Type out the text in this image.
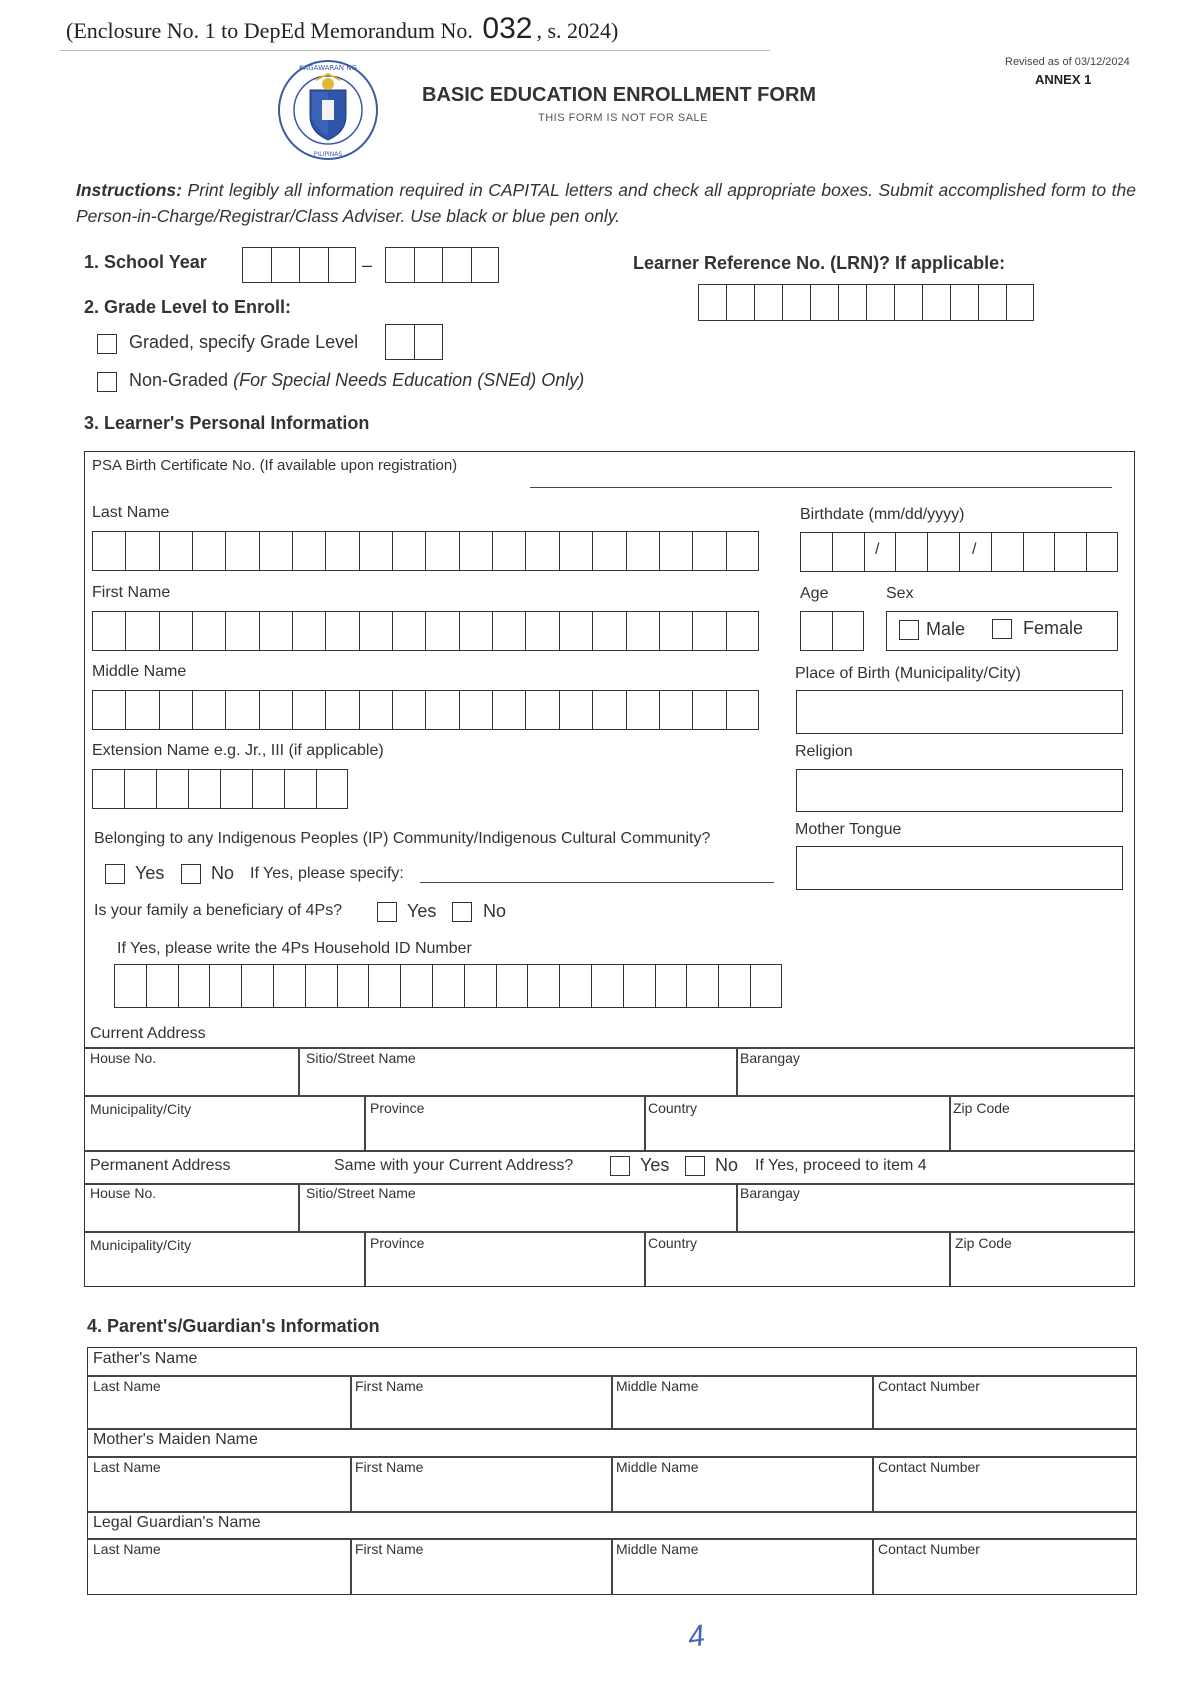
(Enclosure No. 1 to DepEd Memorandum No. 032 , s. 2024)
Revised as of 03/12/2024
ANNEX 1
KAGAWARAN NG
PILIPINAS
BASIC EDUCATION ENROLLMENT FORM
THIS FORM IS NOT FOR SALE
Instructions: Print legibly all information required in CAPITAL letters and check all appropriate boxes. Submit accomplished form to the Person-in-Charge/Registrar/Class Adviser. Use black or blue pen only.
1. School Year	–	Learner Reference No. (LRN)? If applicable:
2. Grade Level to Enroll:
Graded, specify Grade Level
Non-Graded (For Special Needs Education (SNEd) Only)
3. Learner's Personal Information
PSA Birth Certificate No. (If available upon registration)
Last Name
First Name
Middle Name
Extension Name e.g. Jr., III (if applicable)
Birthdate (mm/dd/yyyy)
/	/
Age	Sex
Male	Female
Place of Birth (Municipality/City)
Religion
Mother Tongue
Belonging to any Indigenous Peoples (IP) Community/Indigenous Cultural Community?
Yes	No If Yes, please specify:
Is your family a beneficiary of 4Ps?	Yes	No
If Yes, please write the 4Ps Household ID Number
Current Address
House No.	Sitio/Street Name	Barangay
Municipality/City	Province	Country	Zip Code
Permanent Address	Same with your Current Address?	Yes	No If Yes, proceed to item 4
House No.	Sitio/Street Name	Barangay
Municipality/City	Province	Country	Zip Code
4. Parent's/Guardian's Information
Father's Name
Last Name	First Name	Middle Name	Contact Number
Mother's Maiden Name
Last Name	First Name	Middle Name	Contact Number
Legal Guardian's Name
Last Name	First Name	Middle Name	Contact Number
4
